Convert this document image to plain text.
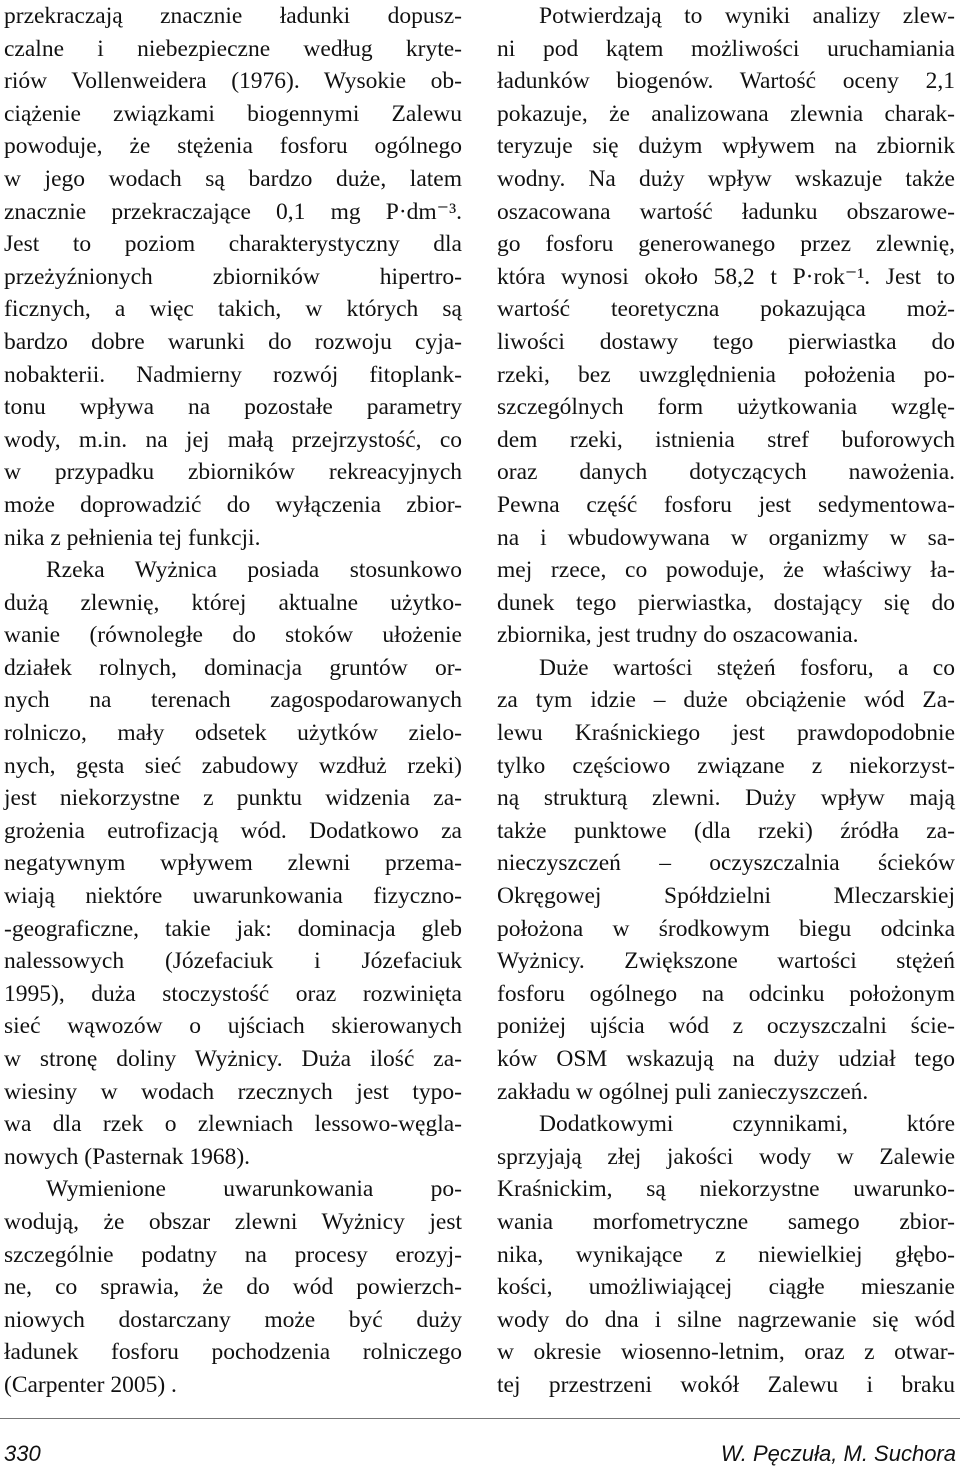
przekraczają znacznie ładunki dopusz-
czalne i niebezpieczne według kryte-
riów Vollenweidera (1976). Wysokie ob-
ciążenie związkami biogennymi Zalewu
powoduje, że stężenia fosforu ogólnego
w jego wodach są bardzo duże, latem
znacznie przekraczające 0,1 mg P·dm⁻³.
Jest to poziom charakterystyczny dla
przeżyźnionych zbiorników hipertro-
ficznych, a więc takich, w których są
bardzo dobre warunki do rozwoju cyja-
nobakterii. Nadmierny rozwój fitoplank-
tonu wpływa na pozostałe parametry
wody, m.in. na jej małą przejrzystość, co
w przypadku zbiorników rekreacyjnych
może doprowadzić do wyłączenia zbior-
nika z pełnienia tej funkcji.
Rzeka Wyżnica posiada stosunkowo
dużą zlewnię, której aktualne użytko-
wanie (równoległe do stoków ułożenie
działek rolnych, dominacja gruntów or-
nych na terenach zagospodarowanych
rolniczo, mały odsetek użytków zielo-
nych, gęsta sieć zabudowy wzdłuż rzeki)
jest niekorzystne z punktu widzenia za-
grożenia eutrofizacją wód. Dodatkowo za
negatywnym wpływem zlewni przema-
wiają niektóre uwarunkowania fizyczno-
-geograficzne, takie jak: dominacja gleb
nalessowych (Józefaciuk i Józefaciuk
1995), duża stoczystość oraz rozwinięta
sieć wąwozów o ujściach skierowanych
w stronę doliny Wyżnicy. Duża ilość za-
wiesiny w wodach rzecznych jest typo-
wa dla rzek o zlewniach lessowo-węgla-
nowych (Pasternak 1968).
Wymienione uwarunkowania po-
wodują, że obszar zlewni Wyżnicy jest
szczególnie podatny na procesy erozyj-
ne, co sprawia, że do wód powierzch-
niowych dostarczany może być duży
ładunek fosforu pochodzenia rolniczego
(Carpenter 2005) .
Potwierdzają to wyniki analizy zlew-
ni pod kątem możliwości uruchamiania
ładunków biogenów. Wartość oceny 2,1
pokazuje, że analizowana zlewnia charak-
teryzuje się dużym wpływem na zbiornik
wodny. Na duży wpływ wskazuje także
oszacowana wartość ładunku obszarowe-
go fosforu generowanego przez zlewnię,
która wynosi około 58,2 t P·rok⁻¹. Jest to
wartość teoretyczna pokazująca moż-
liwości dostawy tego pierwiastka do
rzeki, bez uwzględnienia położenia po-
szczególnych form użytkowania wzglę-
dem rzeki, istnienia stref buforowych
oraz danych dotyczących nawożenia.
Pewna część fosforu jest sedymentowa-
na i wbudowywana w organizmy w sa-
mej rzece, co powoduje, że właściwy ła-
dunek tego pierwiastka, dostający się do
zbiornika, jest trudny do oszacowania.
Duże wartości stężeń fosforu, a co
za tym idzie – duże obciążenie wód Za-
lewu Kraśnickiego jest prawdopodobnie
tylko częściowo związane z niekorzyst-
ną strukturą zlewni. Duży wpływ mają
także punktowe (dla rzeki) źródła za-
nieczyszczeń – oczyszczalnia ścieków
Okręgowej Spółdzielni Mleczarskiej
położona w środkowym biegu odcinka
Wyżnicy. Zwiększone wartości stężeń
fosforu ogólnego na odcinku położonym
poniżej ujścia wód z oczyszczalni ście-
ków OSM wskazują na duży udział tego
zakładu w ogólnej puli zanieczyszczeń.
Dodatkowymi czynnikami, które
sprzyjają złej jakości wody w Zalewie
Kraśnickim, są niekorzystne uwarunko-
wania morfometryczne samego zbior-
nika, wynikające z niewielkiej głębo-
kości, umożliwiającej ciągłe mieszanie
wody do dna i silne nagrzewanie się wód
w okresie wiosenno-letnim, oraz z otwar-
tej przestrzeni wokół Zalewu i braku
330	W. Pęczuła, M. Suchora
